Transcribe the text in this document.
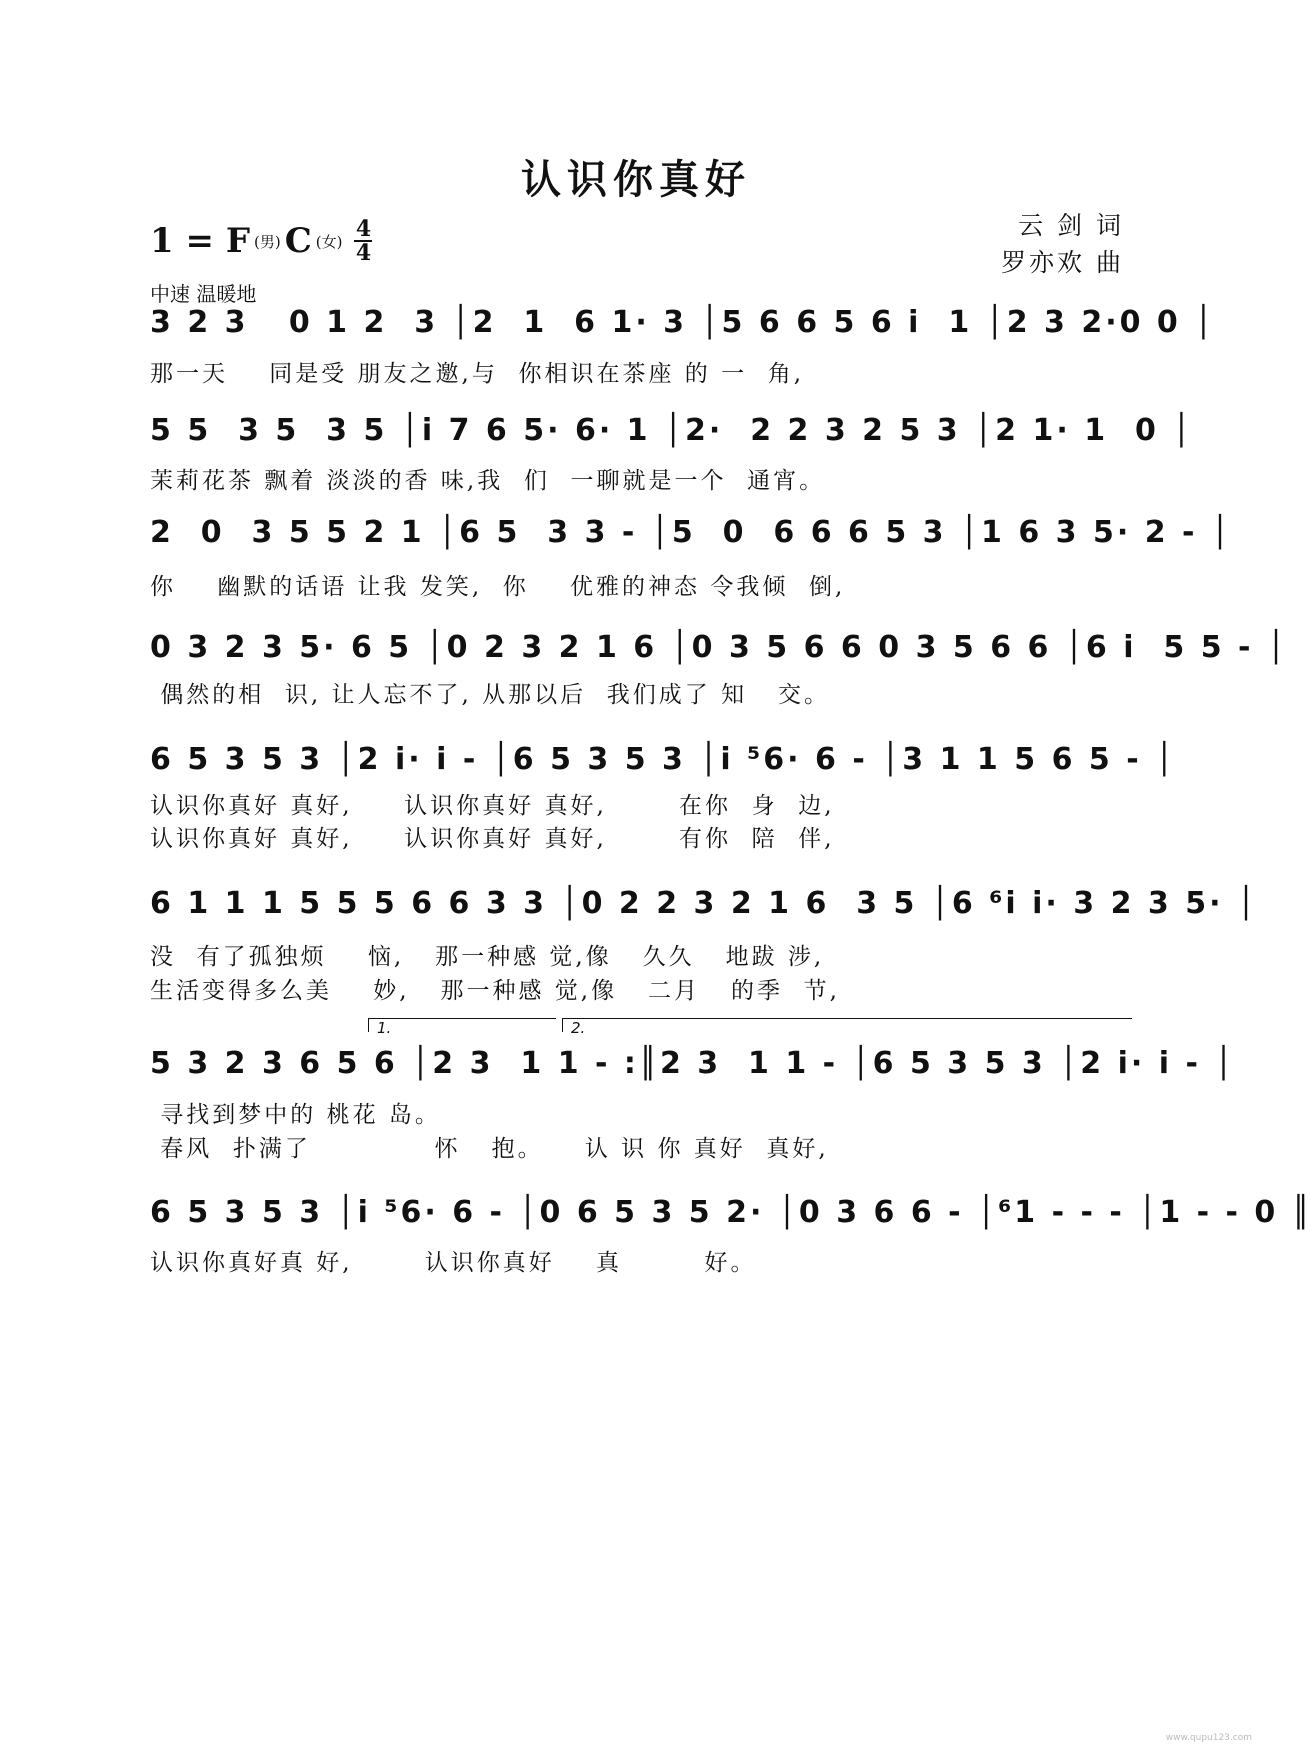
认识你真好
1 = F (男) C (女) 4
4
中速 温暖地
云 剑 词
罗亦欢 曲
3 2 3   0 1 2  3 │2  1  6 1· 3 │5 6 6 5 6 i  1 │2 3 2·0 0 │
那一天    同是受 朋友之邀,与  你相识在茶座 的 一  角,
5 5  3 5  3 5 │i 7 6 5· 6· 1 │2·  2 2 3 2 5 3 │2 1· 1  0 │
茉莉花茶 飘着 淡淡的香 味,我  们  一聊就是一个  通宵。
2  0  3 5 5 2 1 │6 5  3 3 - │5  0  6 6 6 5 3 │1 6 3 5· 2 - │
你    幽默的话语 让我 发笑,  你    优雅的神态 令我倾  倒,
0 3 2 3 5· 6 5 │0 2 3 2 1 6 │0 3 5 6 6 0 3 5 6 6 │6 i  5 5 - │
偶然的相  识, 让人忘不了, 从那以后  我们成了 知   交。
6 5 3 5 3 │2 i· i - │6 5 3 5 3 │i ⁵6· 6 - │3 1 1 5 6 5 - │
认识你真好 真好,     认识你真好 真好,       在你  身  边,
认识你真好 真好,     认识你真好 真好,       有你  陪  伴,
6 1 1 1 5 5 5 6 6 3 3 │0 2 2 3 2 1 6  3 5 │6 ⁶i i· 3 2 3 5· │
没  有了孤独烦    恼,   那一种感 觉,像   久久   地跋 涉,
生活变得多么美    妙,   那一种感 觉,像   二月   的季  节,
1.	2.
5 3 2 3 6 5 6 │2 3  1 1 - :║2 3  1 1 - │6 5 3 5 3 │2 i· i - │
寻找到梦中的 桃花 岛。
春风  扑满了            怀   抱。    认 识 你 真好  真好,
6 5 3 5 3 │i ⁵6· 6 - │0 6 5 3 5 2· │0 3 6 6 - │⁶1 - - - │1 - - 0 ║
认识你真好真 好,       认识你真好    真        好。
www.qupu123.com
